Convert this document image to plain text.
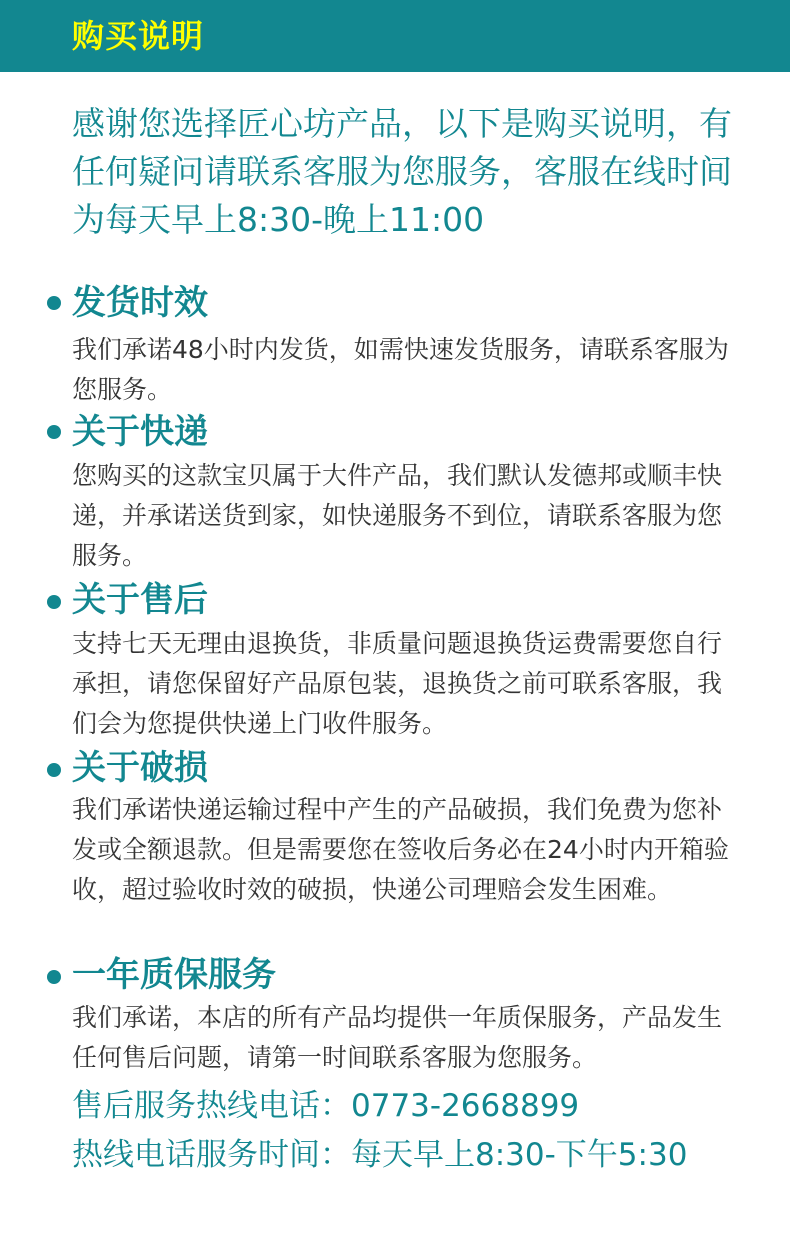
购买说明
感谢您选择匠心坊产品，以下是购买说明，有任何疑问请联系客服为您服务，客服在线时间为每天早上8:30-晚上11:00
发货时效
我们承诺48小时内发货，如需快速发货服务，请联系客服为您服务。
关于快递
您购买的这款宝贝属于大件产品，我们默认发德邦或顺丰快递，并承诺送货到家，如快递服务不到位，请联系客服为您服务。
关于售后
支持七天无理由退换货，非质量问题退换货运费需要您自行承担，请您保留好产品原包装，退换货之前可联系客服，我们会为您提供快递上门收件服务。
关于破损
我们承诺快递运输过程中产生的产品破损，我们免费为您补发或全额退款。但是需要您在签收后务必在24小时内开箱验收，超过验收时效的破损，快递公司理赔会发生困难。
一年质保服务
我们承诺，本店的所有产品均提供一年质保服务，产品发生任何售后问题，请第一时间联系客服为您服务。
售后服务热线电话：0773-2668899
热线电话服务时间：每天早上8:30-下午5:30
